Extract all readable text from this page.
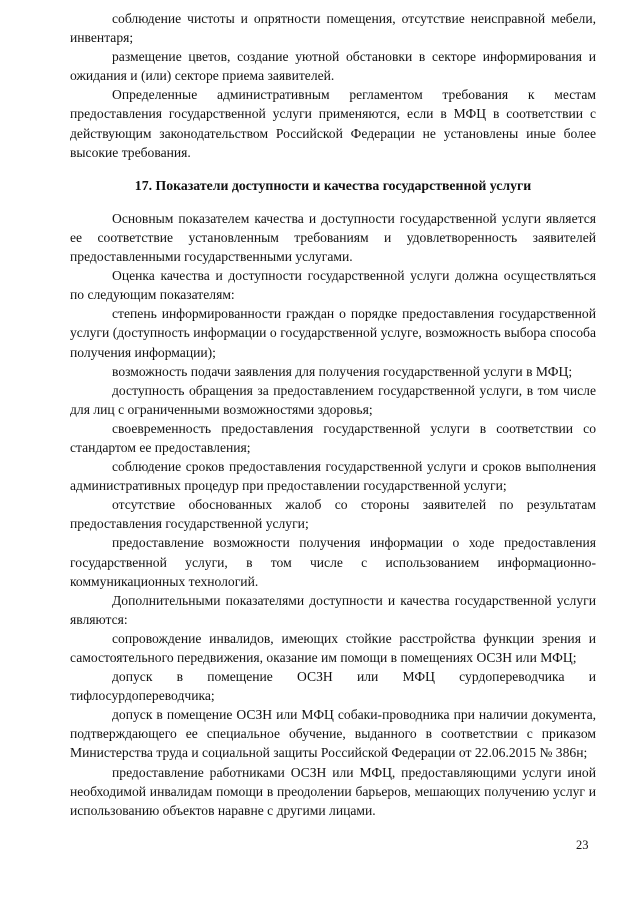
соблюдение чистоты и опрятности помещения, отсутствие неисправной мебели, инвентаря;

размещение цветов, создание уютной обстановки в секторе информирования и ожидания и (или) секторе приема заявителей.

Определенные административным регламентом требования к местам предоставления государственной услуги применяются, если в МФЦ в соответствии с действующим законодательством Российской Федерации не установлены иные более высокие требования.

17. Показатели доступности и качества государственной услуги

Основным показателем качества и доступности государственной услуги является ее соответствие установленным требованиям и удовлетворенность заявителей предоставленными государственными услугами.

Оценка качества и доступности государственной услуги должна осуществляться по следующим показателям:

степень информированности граждан о порядке предоставления государственной услуги (доступность информации о государственной услуге, возможность выбора способа получения информации);

возможность подачи заявления для получения государственной услуги в МФЦ;

доступность обращения за предоставлением государственной услуги, в том числе для лиц с ограниченными возможностями здоровья;

своевременность предоставления государственной услуги в соответствии со стандартом ее предоставления;

соблюдение сроков предоставления государственной услуги и сроков выполнения административных процедур при предоставлении государственной услуги;

отсутствие обоснованных жалоб со стороны заявителей по результатам предоставления государственной услуги;

предоставление возможности получения информации о ходе предоставления государственной услуги, в том числе с использованием информационно-коммуникационных технологий.

Дополнительными показателями доступности и качества государственной услуги являются:

сопровождение инвалидов, имеющих стойкие расстройства функции зрения и самостоятельного передвижения, оказание им помощи в помещениях ОСЗН или МФЦ;

допуск в помещение ОСЗН или МФЦ сурдопереводчика и тифлосурдопереводчика;

допуск в помещение ОСЗН или МФЦ собаки-проводника при наличии документа, подтверждающего ее специальное обучение, выданного в соответствии с приказом Министерства труда и социальной защиты Российской Федерации от 22.06.2015 № 386н;

предоставление работниками ОСЗН или МФЦ, предоставляющими услуги иной необходимой инвалидам помощи в преодолении барьеров, мешающих получению услуг и использованию объектов наравне с другими лицами.

23
